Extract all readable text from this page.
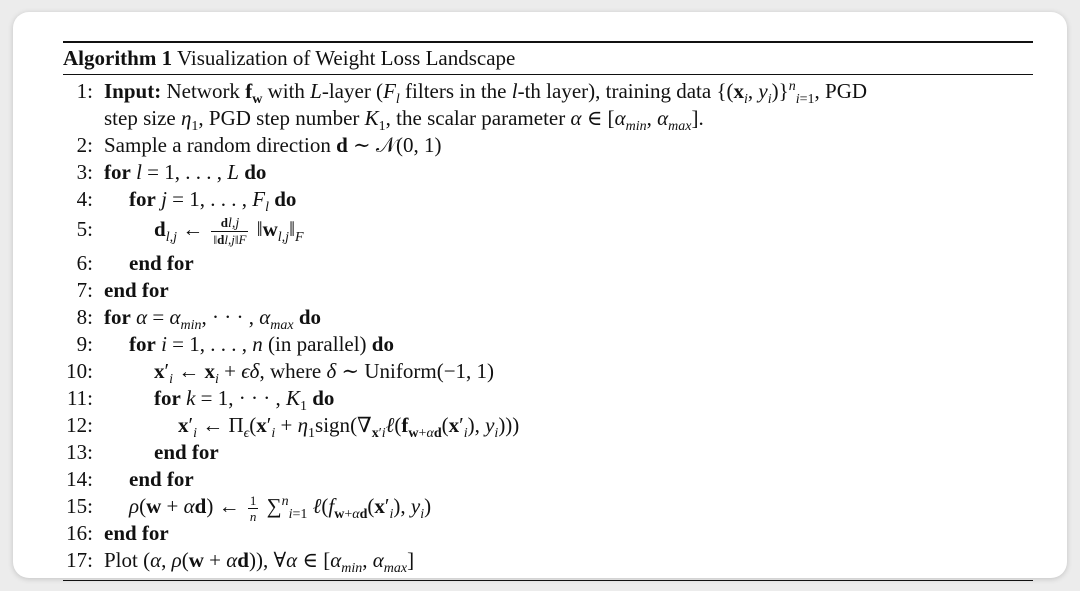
Algorithm 1 Visualization of Weight Loss Landscape
1: Input: Network $f_w$ with L-layer ($F_l$ filters in the l-th layer), training data {($x_i$, $y_i)\}^n_{i=1}$, PGD
step size $\eta_1$, PGD step number $K_1$, the scalar parameter α ∈ [$\alpha_{min}$, $\alpha_{max}$].
2: Sample a random direction d ∼ 𝒩(0, 1)
3: for l = 1, . . . , L do
4: for j = 1, . . . , $F_l$ do
5:	$d_{l,j}$ ← $\frac{dl,j}{‖dl,j‖F}$ $‖w_{l,j}‖_F$
6: end for
7: end for
8: for $\alpha = \alpha_{min}$, · · · , $\alpha_{max}$ do
9: for i = 1, . . . , n (in parallel) do
10:	$x'_i$ ← $x_i + \epsilon\delta$, where δ ∼ Uniform(−1, 1)
11:	for k = 1, · · · , $K_1$ do
12:	$x'_i$ ← $\Pi_\epsilon(x'_i$ + $\eta_1sign(\nabla_{x'i}\ell(f_{w+\alpha d}(x'_i)$, $y_i$)))
13:	end for
14: end for
15: ρ(w + αd) ← $\frac{1}{n} \sum^n_{i=1}$ $\ell(f_{w+\alpha d}(x'_i)$, $y_i$)
16: end for
17: Plot (α, ρ(w + αd)), ∀α ∈ [$\alpha_{min}$, $\alpha_{max}$]
